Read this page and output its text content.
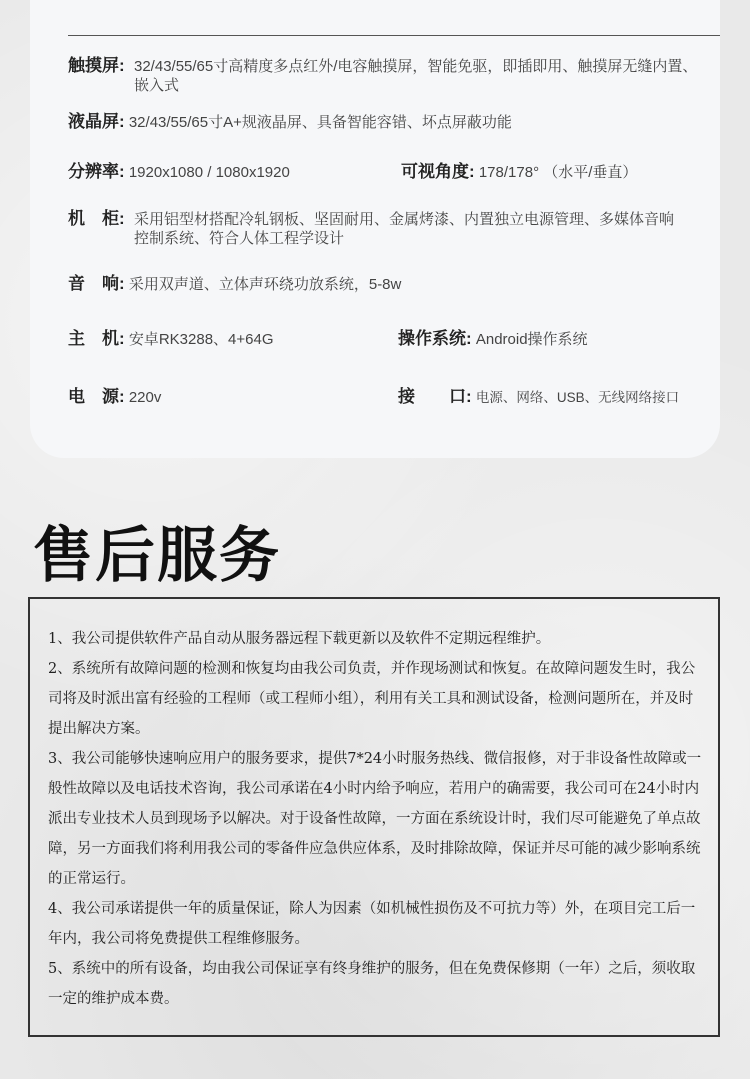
触摸屏: 32/43/55/65寸高精度多点红外/电容触摸屏，智能免驱，即插即用、触摸屏无缝内置、嵌入式
液晶屏: 32/43/55/65寸A+规液晶屏、具备智能容错、坏点屏蔽功能
分辨率: 1920x1080 / 1080x1920	可视角度: 178/178° （水平/垂直）
机　柜: 采用铝型材搭配冷轧钢板、坚固耐用、金属烤漆、内置独立电源管理、多媒体音响控制系统、符合人体工程学设计
音　响: 采用双声道、立体声环绕功放系统，5-8w
主　机: 安卓RK3288、4+64G	操作系统: Android操作系统
电　源: 220v	接　　口: 电源、网络、USB、无线网络接口
售后服务

1、我公司提供软件产品自动从服务器远程下载更新以及软件不定期远程维护。

2、系统所有故障问题的检测和恢复均由我公司负责，并作现场测试和恢复。在故障问题发生时，我公司将及时派出富有经验的工程师（或工程师小组），利用有关工具和测试设备，检测问题所在，并及时提出解决方案。

3、我公司能够快速响应用户的服务要求，提供7*24小时服务热线、微信报修，对于非设备性故障或一般性故障以及电话技术咨询，我公司承诺在4小时内给予响应，若用户的确需要，我公司可在24小时内派出专业技术人员到现场予以解决。对于设备性故障，一方面在系统设计时，我们尽可能避免了单点故障，另一方面我们将利用我公司的零备件应急供应体系，及时排除故障，保证并尽可能的减少影响系统的正常运行。

4、我公司承诺提供一年的质量保证，除人为因素（如机械性损伤及不可抗力等）外，在项目完工后一年内，我公司将免费提供工程维修服务。

5、系统中的所有设备，均由我公司保证享有终身维护的服务，但在免费保修期（一年）之后，须收取一定的维护成本费。
